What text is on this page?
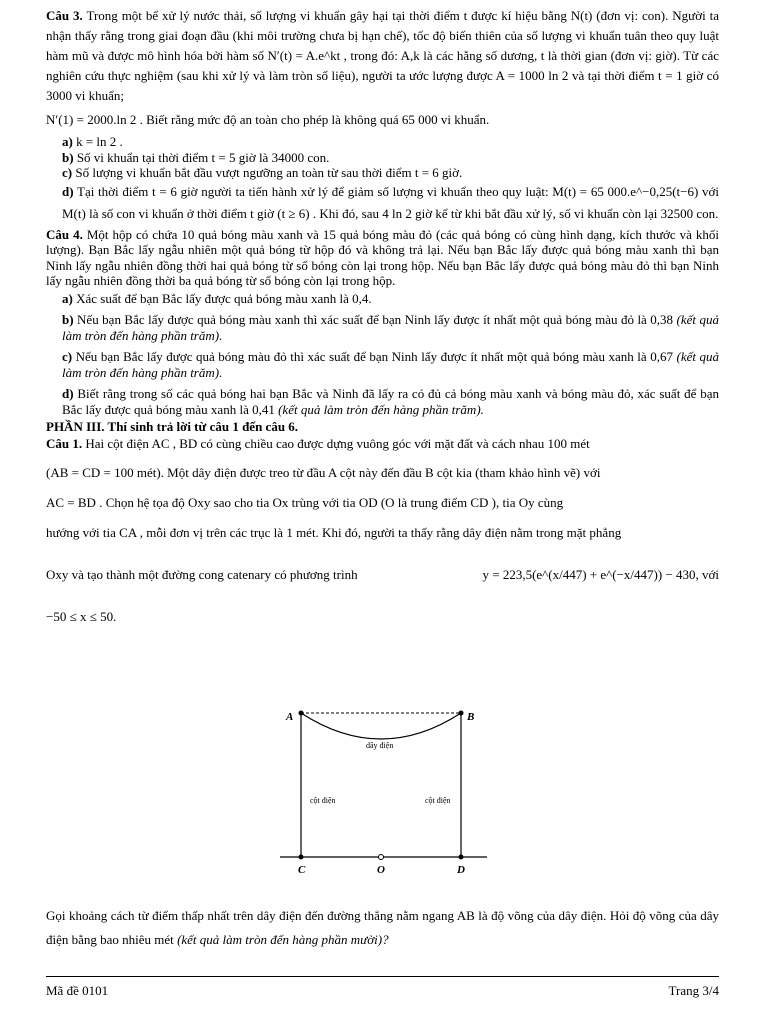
Câu 3. Trong một bể xử lý nước thải, số lượng vi khuẩn gây hại tại thời điểm t được kí hiệu bằng N(t) (đơn vị: con). Người ta nhận thấy rằng trong giai đoạn đầu (khi môi trường chưa bị hạn chế), tốc độ biến thiên của số lượng vi khuẩn tuân theo quy luật hàm mũ và được mô hình hóa bởi hàm số N′(t) = A.e^kt , trong đó: A,k là các hằng số dương, t là thời gian (đơn vị: giờ). Từ các nghiên cứu thực nghiệm (sau khi xử lý và làm tròn số liệu), người ta ước lượng được A = 1000 ln 2 và tại thời điểm t = 1 giờ có 3000 vi khuẩn;

N′(1) = 2000.ln 2 . Biết rằng mức độ an toàn cho phép là không quá 65 000 vi khuẩn.

a) k = ln 2 .

b) Số vi khuẩn tại thời điểm t = 5 giờ là 34000 con.

c) Số lượng vi khuẩn bắt đầu vượt ngưỡng an toàn từ sau thời điểm t = 6 giờ.

d) Tại thời điểm t = 6 giờ người ta tiến hành xử lý để giảm số lượng vi khuẩn theo quy luật: M(t) = 65 000.e^−0,25(t−6) với M(t) là số con vi khuẩn ở thời điểm t giờ (t ≥ 6) . Khi đó, sau 4 ln 2 giờ kể từ khi bắt đầu xử lý, số vi khuẩn còn lại 32500 con.

Câu 4. Một hộp có chứa 10 quả bóng màu xanh và 15 quả bóng màu đỏ (các quả bóng có cùng hình dạng, kích thước và khối lượng). Bạn Bắc lấy ngẫu nhiên một quả bóng từ hộp đó và không trả lại. Nếu bạn Bắc lấy được quả bóng màu xanh thì bạn Ninh lấy ngẫu nhiên đồng thời hai quả bóng từ số bóng còn lại trong hộp. Nếu bạn Bắc lấy được quả bóng màu đỏ thì bạn Ninh lấy ngẫu nhiên đồng thời ba quả bóng từ số bóng còn lại trong hộp.

a) Xác suất để bạn Bắc lấy được quả bóng màu xanh là 0,4.

b) Nếu bạn Bắc lấy được quả bóng màu xanh thì xác suất để bạn Ninh lấy được ít nhất một quả bóng màu đỏ là 0,38 (kết quả làm tròn đến hàng phần trăm).

c) Nếu bạn Bắc lấy được quả bóng màu đỏ thì xác suất để bạn Ninh lấy được ít nhất một quả bóng màu xanh là 0,67 (kết quả làm tròn đến hàng phần trăm).

d) Biết rằng trong số các quả bóng hai bạn Bắc và Ninh đã lấy ra có đủ cả bóng màu xanh và bóng màu đỏ, xác suất để bạn Bắc lấy được quả bóng màu xanh là 0,41 (kết quả làm tròn đến hàng phần trăm).

PHẦN III. Thí sinh trả lời từ câu 1 đến câu 6.

Câu 1. Hai cột điện AC , BD có cùng chiều cao được dựng vuông góc với mặt đất và cách nhau 100 mét

(AB = CD = 100 mét). Một dây điện được treo từ đầu A cột này đến đầu B cột kia (tham khảo hình vẽ) với

AC = BD . Chọn hệ tọa độ Oxy sao cho tia Ox trùng với tia OD (O là trung điểm CD ), tia Oy cùng

hướng với tia CA , mỗi đơn vị trên các trục là 1 mét. Khi đó, người ta thấy rằng dây điện nằm trong mặt phẳng

Oxy và tạo thành một đường cong catenary có phương trình	y = 223,5(e^(x/447) + e^(−x/447)) − 430, với

−50 ≤ x ≤ 50.

A	B
C	O	D
dây điện
cột điện	cột điện

Gọi khoảng cách từ điểm thấp nhất trên dây điện đến đường thẳng nằm ngang AB là độ võng của dây điện. Hỏi độ võng của dây điện bằng bao nhiêu mét (kết quả làm tròn đến hàng phần mười)?

Mã đề 0101	Trang 3/4
